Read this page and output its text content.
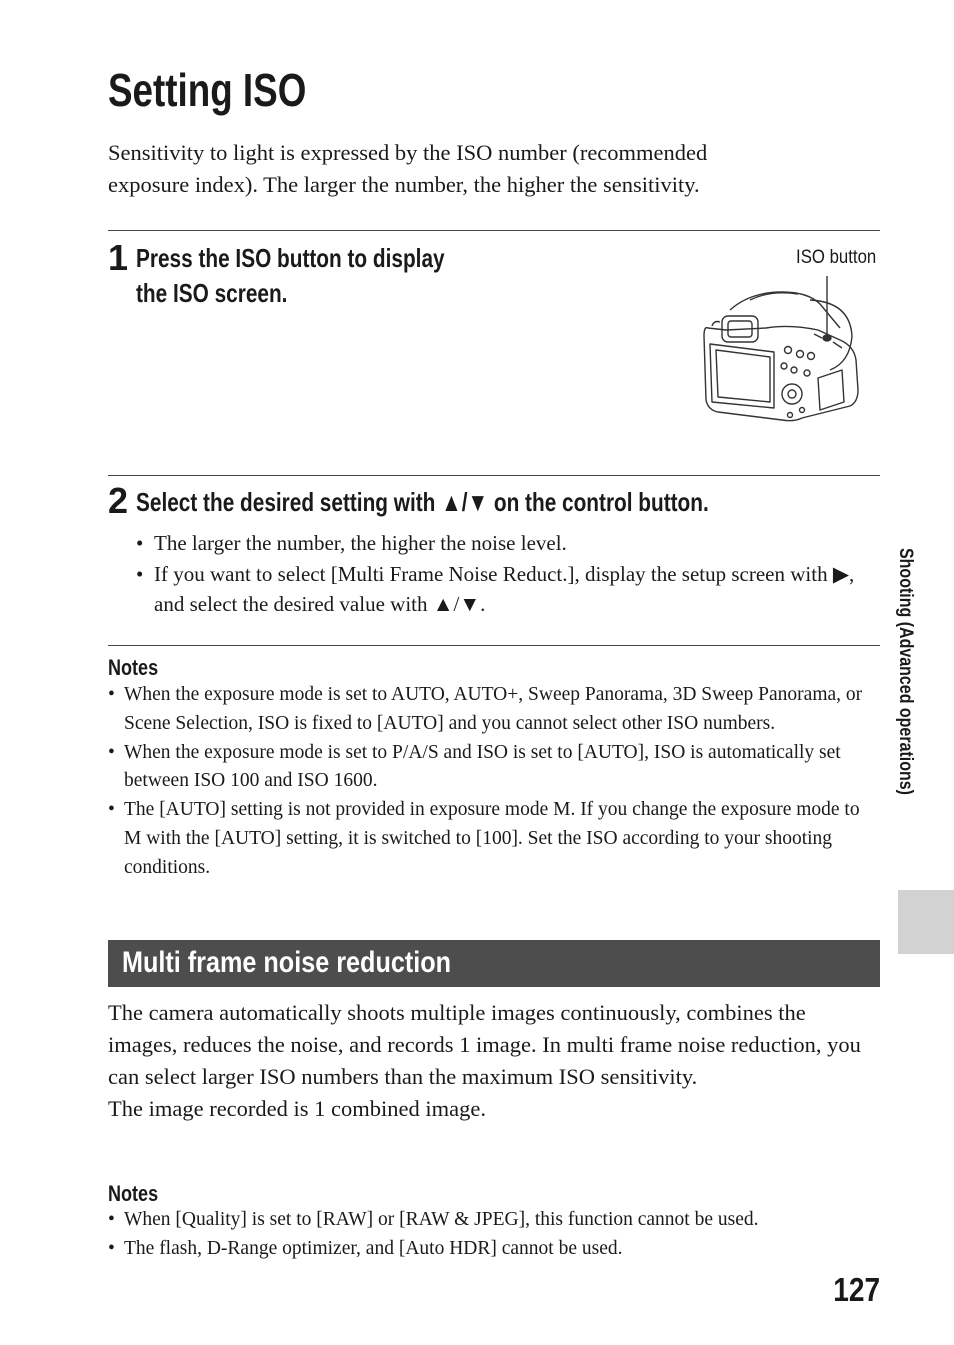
Setting ISO

Sensitivity to light is expressed by the ISO number (recommended

exposure index). The larger the number, the higher the sensitivity.

1 Press the ISO button to display
the ISO screen.
ISO button
2 Select the desired setting with ▲/▼ on the control button.
• The larger the number, the higher the noise level.
• If you want to select [Multi Frame Noise Reduct.], display the setup screen with ▶, and select the desired value with ▲/▼.
Notes
• When the exposure mode is set to AUTO, AUTO+, Sweep Panorama, 3D Sweep Panorama, or Scene Selection, ISO is fixed to [AUTO] and you cannot select other ISO numbers.
• When the exposure mode is set to P/A/S and ISO is set to [AUTO], ISO is automatically set between ISO 100 and ISO 1600.
• The [AUTO] setting is not provided in exposure mode M. If you change the exposure mode to M with the [AUTO] setting, it is switched to [100]. Set the ISO according to your shooting conditions.
Multi frame noise reduction

The camera automatically shoots multiple images continuously, combines the images, reduces the noise, and records 1 image. In multi frame noise reduction, you can select larger ISO numbers than the maximum ISO sensitivity.

The image recorded is 1 combined image.

Notes
• When [Quality] is set to [RAW] or [RAW & JPEG], this function cannot be used.
• The flash, D-Range optimizer, and [Auto HDR] cannot be used.
Shooting (Advanced operations)
127
